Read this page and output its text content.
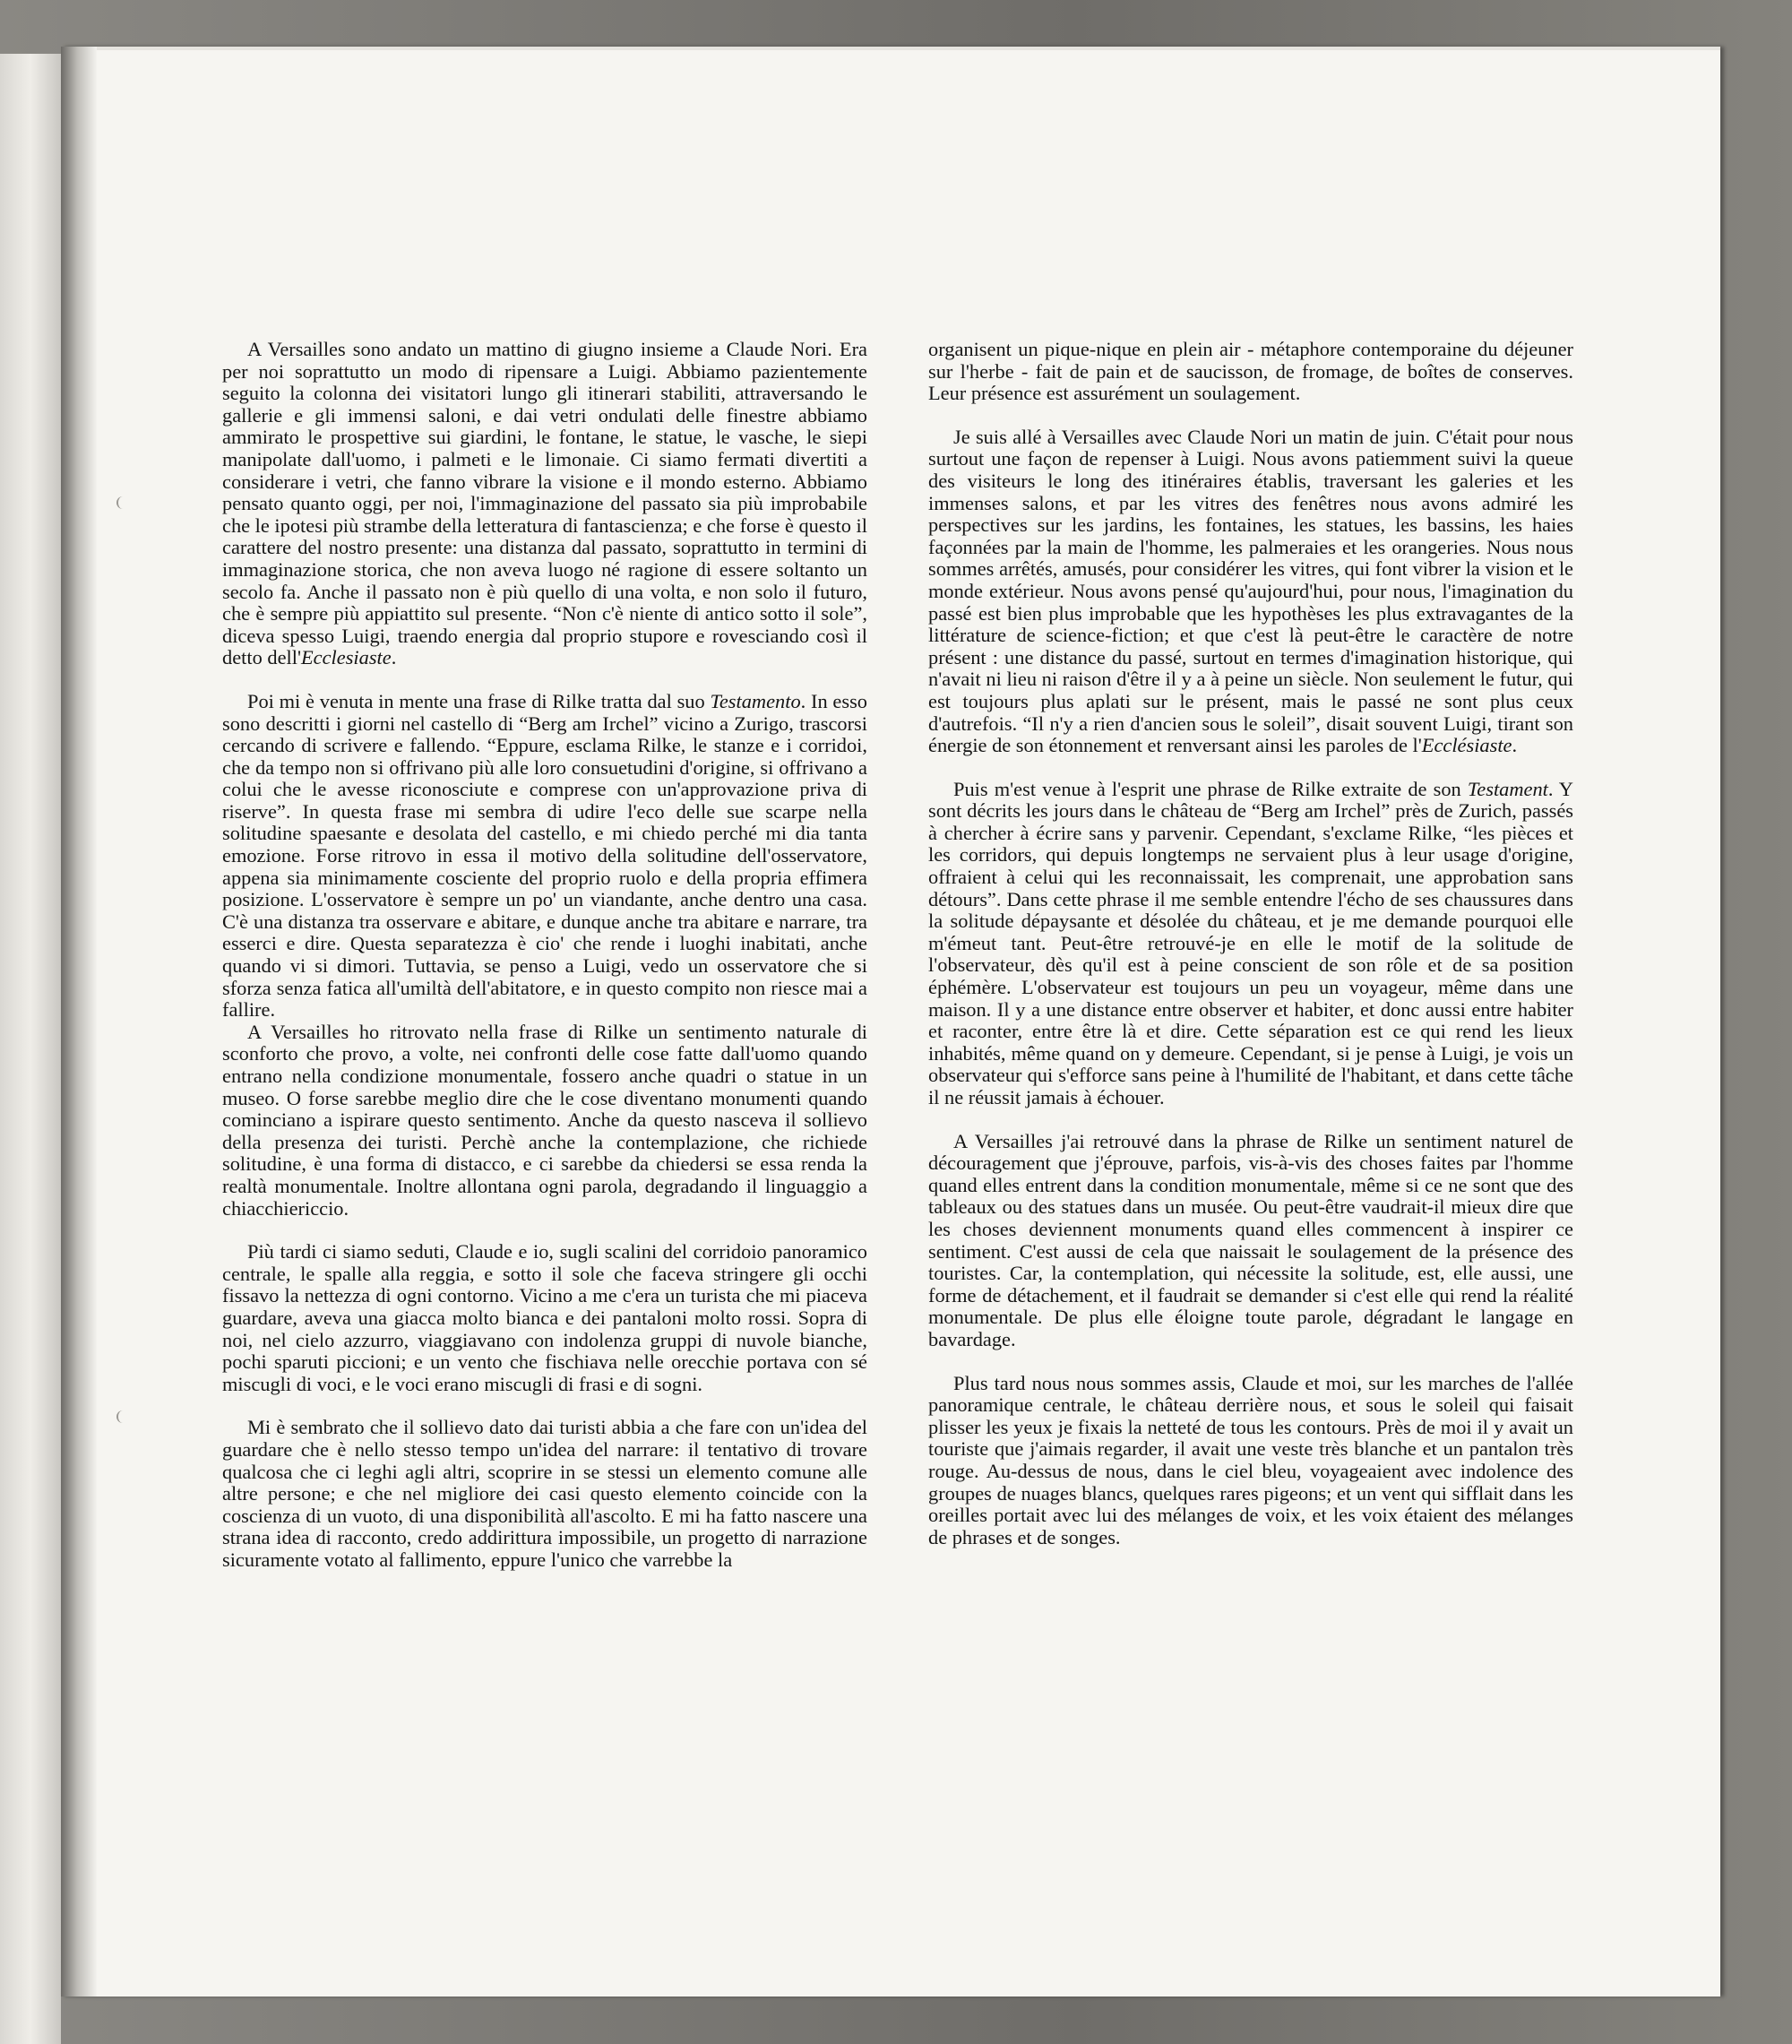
A Versailles sono andato un mattino di giugno insieme a Claude Nori. Era per noi soprattutto un modo di ripensare a Luigi. Abbiamo pazientemente seguito la colonna dei visitatori lungo gli itinerari stabiliti, attraversando le gallerie e gli immensi saloni, e dai vetri ondulati delle finestre abbiamo ammirato le prospettive sui giardini, le fontane, le statue, le vasche, le siepi manipolate dall'uomo, i palmeti e le limonaie. Ci siamo fermati divertiti a considerare i vetri, che fanno vibrare la visione e il mondo esterno. Abbiamo pensato quanto oggi, per noi, l'immaginazione del passato sia più improbabile che le ipotesi più strambe della letteratura di fantascienza; e che forse è questo il carattere del nostro presente: una distanza dal passato, soprattutto in termini di immaginazione storica, che non aveva luogo né ragione di essere soltanto un secolo fa. Anche il passato non è più quello di una volta, e non solo il futuro, che è sempre più appiattito sul presente. “Non c'è niente di antico sotto il sole”, diceva spesso Luigi, traendo energia dal proprio stupore e rovesciando così il detto dell'Ecclesiaste.

Poi mi è venuta in mente una frase di Rilke tratta dal suo Testamento. In esso sono descritti i giorni nel castello di “Berg am Irchel” vicino a Zurigo, trascorsi cercando di scrivere e fallendo. “Eppure, esclama Rilke, le stanze e i corridoi, che da tempo non si offrivano più alle loro consuetudini d'origine, si offrivano a colui che le avesse riconosciute e comprese con un'approvazione priva di riserve”. In questa frase mi sembra di udire l'eco delle sue scarpe nella solitudine spaesante e desolata del castello, e mi chiedo perché mi dia tanta emozione. Forse ritrovo in essa il motivo della solitudine dell'osservatore, appena sia minimamente cosciente del proprio ruolo e della propria effimera posizione. L'osservatore è sempre un po' un viandante, anche dentro una casa. C'è una distanza tra osservare e abitare, e dunque anche tra abitare e narrare, tra esserci e dire. Questa separatezza è cio' che rende i luoghi inabitati, anche quando vi si dimori. Tuttavia, se penso a Luigi, vedo un osservatore che si sforza senza fatica all'umiltà dell'abitatore, e in questo compito non riesce mai a fallire.

A Versailles ho ritrovato nella frase di Rilke un sentimento naturale di sconforto che provo, a volte, nei confronti delle cose fatte dall'uomo quando entrano nella condizione monumentale, fossero anche quadri o statue in un museo. O forse sarebbe meglio dire che le cose diventano monumenti quando cominciano a ispirare questo sentimento. Anche da questo nasceva il sollievo della presenza dei turisti. Perchè anche la contemplazione, che richiede solitudine, è una forma di distacco, e ci sarebbe da chiedersi se essa renda la realtà monumentale. Inoltre allontana ogni parola, degradando il linguaggio a chiacchiericcio.

Più tardi ci siamo seduti, Claude e io, sugli scalini del corridoio panoramico centrale, le spalle alla reggia, e sotto il sole che faceva stringere gli occhi fissavo la nettezza di ogni contorno. Vicino a me c'era un turista che mi piaceva guardare, aveva una giacca molto bianca e dei pantaloni molto rossi. Sopra di noi, nel cielo azzurro, viaggiavano con indolenza gruppi di nuvole bianche, pochi sparuti piccioni; e un vento che fischiava nelle orecchie portava con sé miscugli di voci, e le voci erano miscugli di frasi e di sogni.

Mi è sembrato che il sollievo dato dai turisti abbia a che fare con un'idea del guardare che è nello stesso tempo un'idea del narrare: il tentativo di trovare qualcosa che ci leghi agli altri, scoprire in se stessi un elemento comune alle altre persone; e che nel migliore dei casi questo elemento coincide con la coscienza di un vuoto, di una disponibilità all'ascolto. E mi ha fatto nascere una strana idea di racconto, credo addirittura impossibile, un progetto di narrazione sicuramente votato al fallimento, eppure l'unico che varrebbe la

organisent un pique-nique en plein air - métaphore contemporaine du déjeuner sur l'herbe - fait de pain et de saucisson, de fromage, de boîtes de conserves. Leur présence est assurément un soulagement.

Je suis allé à Versailles avec Claude Nori un matin de juin. C'était pour nous surtout une façon de repenser à Luigi. Nous avons patiemment suivi la queue des visiteurs le long des itinéraires établis, traversant les galeries et les immenses salons, et par les vitres des fenêtres nous avons admiré les perspectives sur les jardins, les fontaines, les statues, les bassins, les haies façonnées par la main de l'homme, les palmeraies et les orangeries. Nous nous sommes arrêtés, amusés, pour considérer les vitres, qui font vibrer la vision et le monde extérieur. Nous avons pensé qu'aujourd'hui, pour nous, l'imagination du passé est bien plus improbable que les hypothèses les plus extravagantes de la littérature de science-fiction; et que c'est là peut-être le caractère de notre présent : une distance du passé, surtout en termes d'imagination historique, qui n'avait ni lieu ni raison d'être il y a à peine un siècle. Non seulement le futur, qui est toujours plus aplati sur le présent, mais le passé ne sont plus ceux d'autrefois. “Il n'y a rien d'ancien sous le soleil”, disait souvent Luigi, tirant son énergie de son étonnement et renversant ainsi les paroles de l'Ecclésiaste.

Puis m'est venue à l'esprit une phrase de Rilke extraite de son Testament. Y sont décrits les jours dans le château de “Berg am Irchel” près de Zurich, passés à chercher à écrire sans y parvenir. Cependant, s'exclame Rilke, “les pièces et les corridors, qui depuis longtemps ne servaient plus à leur usage d'origine, offraient à celui qui les reconnaissait, les comprenait, une approbation sans détours”. Dans cette phrase il me semble entendre l'écho de ses chaussures dans la solitude dépaysante et désolée du château, et je me demande pourquoi elle m'émeut tant. Peut-être retrouvé-je en elle le motif de la solitude de l'observateur, dès qu'il est à peine conscient de son rôle et de sa position éphémère. L'observateur est toujours un peu un voyageur, même dans une maison. Il y a une distance entre observer et habiter, et donc aussi entre habiter et raconter, entre être là et dire. Cette séparation est ce qui rend les lieux inhabités, même quand on y demeure. Cependant, si je pense à Luigi, je vois un observateur qui s'efforce sans peine à l'humilité de l'habitant, et dans cette tâche il ne réussit jamais à échouer.

A Versailles j'ai retrouvé dans la phrase de Rilke un sentiment naturel de découragement que j'éprouve, parfois, vis-à-vis des choses faites par l'homme quand elles entrent dans la condition monumentale, même si ce ne sont que des tableaux ou des statues dans un musée. Ou peut-être vaudrait-il mieux dire que les choses deviennent monuments quand elles commencent à inspirer ce sentiment. C'est aussi de cela que naissait le soulagement de la présence des touristes. Car, la contemplation, qui nécessite la solitude, est, elle aussi, une forme de détachement, et il faudrait se demander si c'est elle qui rend la réalité monumentale. De plus elle éloigne toute parole, dégradant le langage en bavardage.

Plus tard nous nous sommes assis, Claude et moi, sur les marches de l'allée panoramique centrale, le château derrière nous, et sous le soleil qui faisait plisser les yeux je fixais la netteté de tous les contours. Près de moi il y avait un touriste que j'aimais regarder, il avait une veste très blanche et un pantalon très rouge. Au-dessus de nous, dans le ciel bleu, voyageaient avec indolence des groupes de nuages blancs, quelques rares pigeons; et un vent qui sifflait dans les oreilles portait avec lui des mélanges de voix, et les voix étaient des mélanges de phrases et de songes.
